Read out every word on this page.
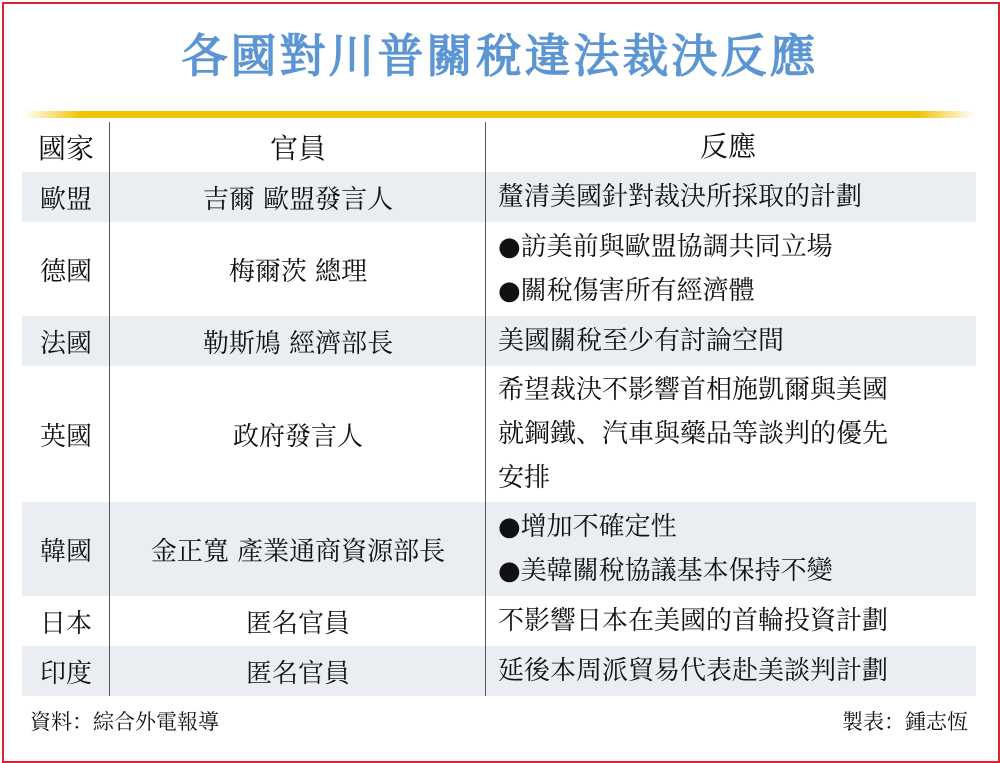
各國對川普關稅違法裁決反應
國家	官員	反應
歐盟	吉爾 歐盟發言人	釐清美國針對裁決所採取的計劃
德國	梅爾茨 總理
●訪美前與歐盟協調共同立場
●關稅傷害所有經濟體
法國	勒斯鳩 經濟部長	美國關稅至少有討論空間
英國	政府發言人
希望裁決不影響首相施凱爾與美國
就鋼鐵、汽車與藥品等談判的優先
安排
韓國	金正寬 產業通商資源部長
●增加不確定性
●美韓關稅協議基本保持不變
日本	匿名官員	不影響日本在美國的首輪投資計劃
印度	匿名官員	延後本周派貿易代表赴美談判計劃
資料：綜合外電報導	製表：鍾志恆
